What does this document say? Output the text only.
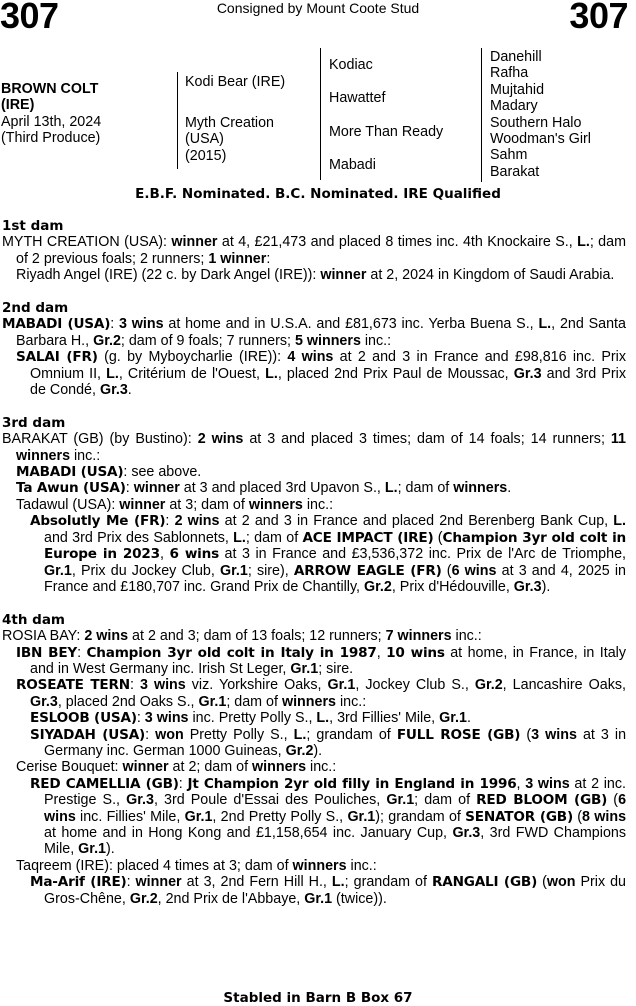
307	Consigned by Mount Coote Stud	307
BROWN COLT
(IRE)
April 13th, 2024
(Third Produce)
Kodi Bear (IRE)
Myth Creation
(USA)
(2015)
Kodiac
Hawattef
More Than Ready
Mabadi
Danehill
Rafha
Mujtahid
Madary
Southern Halo
Woodman's Girl
Sahm
Barakat
E.B.F. Nominated. B.C. Nominated. IRE Qualified

1st dam

MYTH CREATION (USA): winner at 4, £21,473 and placed 8 times inc. 4th Knockaire S., L.; dam of 2 previous foals; 2 runners; 1 winner:

Riyadh Angel (IRE) (22 c. by Dark Angel (IRE)): winner at 2, 2024 in Kingdom of Saudi Arabia.

2nd dam

MABADI (USA): 3 wins at home and in U.S.A. and £81,673 inc. Yerba Buena S., L., 2nd Santa Barbara H., Gr.2; dam of 9 foals; 7 runners; 5 winners inc.:

SALAI (FR) (g. by Myboycharlie (IRE)): 4 wins at 2 and 3 in France and £98,816 inc. Prix Omnium II, L., Critérium de l'Ouest, L., placed 2nd Prix Paul de Moussac, Gr.3 and 3rd Prix de Condé, Gr.3.

3rd dam

BARAKAT (GB) (by Bustino): 2 wins at 3 and placed 3 times; dam of 14 foals; 14 runners; 11 winners inc.:

MABADI (USA): see above.

Ta Awun (USA): winner at 3 and placed 3rd Upavon S., L.; dam of winners.

Tadawul (USA): winner at 3; dam of winners inc.:

Absolutly Me (FR): 2 wins at 2 and 3 in France and placed 2nd Berenberg Bank Cup, L. and 3rd Prix des Sablonnets, L.; dam of ACE IMPACT (IRE) (Champion 3yr old colt in Europe in 2023, 6 wins at 3 in France and £3,536,372 inc. Prix de l'Arc de Triomphe, Gr.1, Prix du Jockey Club, Gr.1; sire), ARROW EAGLE (FR) (6 wins at 3 and 4, 2025 in France and £180,707 inc. Grand Prix de Chantilly, Gr.2, Prix d'Hédouville, Gr.3).

4th dam

ROSIA BAY: 2 wins at 2 and 3; dam of 13 foals; 12 runners; 7 winners inc.:

IBN BEY: Champion 3yr old colt in Italy in 1987, 10 wins at home, in France, in Italy and in West Germany inc. Irish St Leger, Gr.1; sire.

ROSEATE TERN: 3 wins viz. Yorkshire Oaks, Gr.1, Jockey Club S., Gr.2, Lancashire Oaks, Gr.3, placed 2nd Oaks S., Gr.1; dam of winners inc.:

ESLOOB (USA): 3 wins inc. Pretty Polly S., L., 3rd Fillies' Mile, Gr.1.

SIYADAH (USA): won Pretty Polly S., L.; grandam of FULL ROSE (GB) (3 wins at 3 in Germany inc. German 1000 Guineas, Gr.2).

Cerise Bouquet: winner at 2; dam of winners inc.:

RED CAMELLIA (GB): Jt Champion 2yr old filly in England in 1996, 3 wins at 2 inc. Prestige S., Gr.3, 3rd Poule d'Essai des Pouliches, Gr.1; dam of RED BLOOM (GB) (6 wins inc. Fillies' Mile, Gr.1, 2nd Pretty Polly S., Gr.1); grandam of SENATOR (GB) (8 wins at home and in Hong Kong and £1,158,654 inc. January Cup, Gr.3, 3rd FWD Champions Mile, Gr.1).

Taqreem (IRE): placed 4 times at 3; dam of winners inc.:

Ma-Arif (IRE): winner at 3, 2nd Fern Hill H., L.; grandam of RANGALI (GB) (won Prix du Gros-Chêne, Gr.2, 2nd Prix de l'Abbaye, Gr.1 (twice)).

Stabled in Barn B Box 67
